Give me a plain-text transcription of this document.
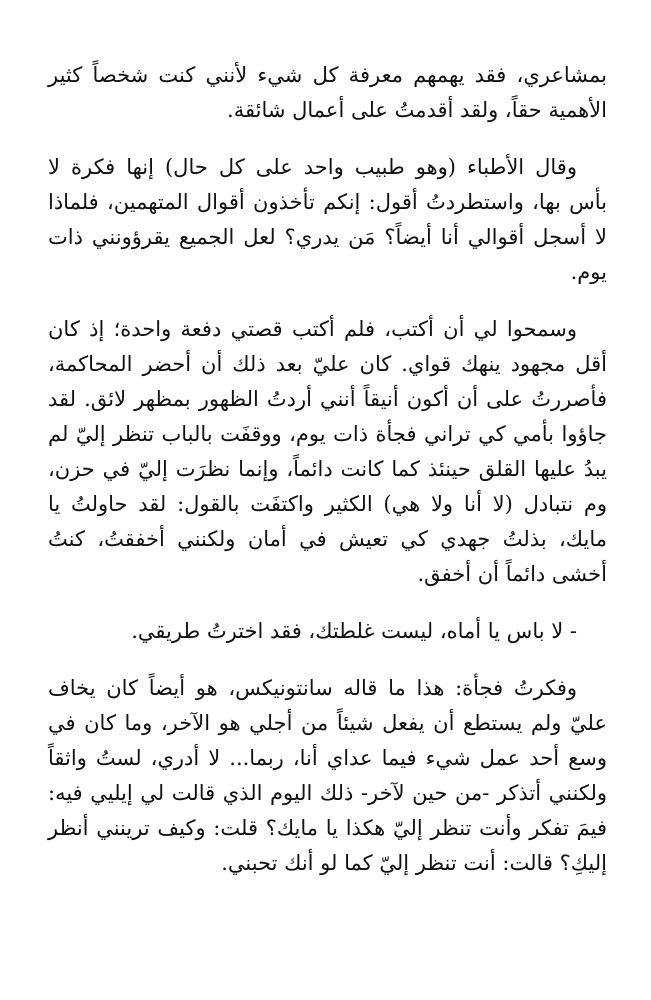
بمشاعري، فقد يهمهم معرفة كل شيء لأنني كنت شخصاً كثير الأهمية حقاً، ولقد أقدمتُ على أعمال شائقة.

وقال الأطباء (وهو طبيب واحد على كل حال) إنها فكرة لا بأس بها، واستطردتُ أقول: إنكم تأخذون أقوال المتهمين، فلماذا لا أسجل أقوالي أنا أيضاً؟ مَن يدري؟ لعل الجميع يقرؤونني ذات يوم.

وسمحوا لي أن أكتب، فلم أكتب قصتي دفعة واحدة؛ إذ كان أقل مجهود ينهك قواي. كان عليّ بعد ذلك أن أحضر المحاكمة، فأصررتُ على أن أكون أنيقاً أنني أردتُ الظهور بمظهر لائق. لقد جاؤوا بأمي كي تراني فجأة ذات يوم، ووقفَت بالباب تنظر إليّ لم يبدُ عليها القلق حينئذ كما كانت دائماً، وإنما نظرَت إليّ في حزن، وم نتبادل (لا أنا ولا هي) الكثير واكتفَت بالقول: لقد حاولتُ يا مايك، بذلتُ جهدي كي تعيش في أمان ولكنني أخفقتُ، كنتُ أخشى دائماً أن أخفق.

- لا باس يا أماه، ليست غلطتك، فقد اخترتُ طريقي.

وفكرتُ فجأة: هذا ما قاله سانتونيكس، هو أيضاً كان يخاف عليّ ولم يستطع أن يفعل شيئاً من أجلي هو الآخر، وما كان في وسع أحد عمل شيء فيما عداي أنا، ربما... لا أدري، لستُ واثقاً ولكنني أتذكر -من حين لآخر- ذلك اليوم الذي قالت لي إيليي فيه: فيمَ تفكر وأنت تنظر إليّ هكذا يا مايك؟ قلت: وكيف ترينني أنظر إليكِ؟ قالت: أنت تنظر إليّ كما لو أنك تحبني.
